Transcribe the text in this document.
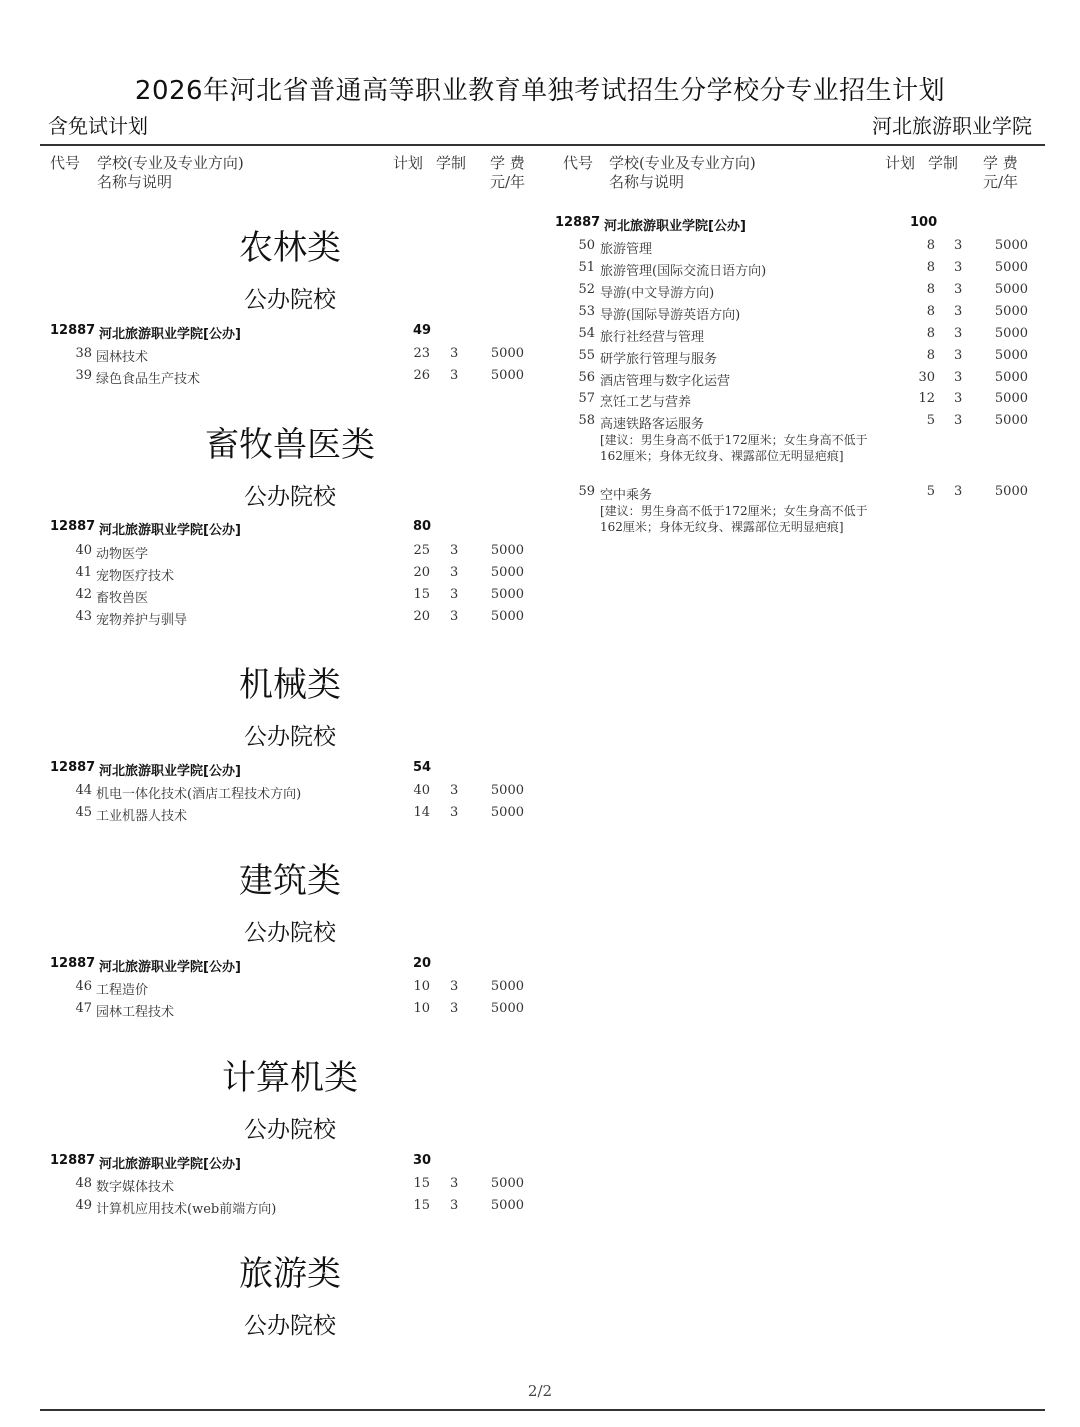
2026年河北省普通高等职业教育单独考试招生分学校分专业招生计划
含免试计划	河北旅游职业学院
代号 学校(专业及专业方向)
名称与说明
计划 学制 学 费
元/年
代号 学校(专业及专业方向)
名称与说明
计划 学制 学 费
元/年
农林类
公办院校
12887 河北旅游职业学院[公办]	49
38 园林技术	23 3	5000
39 绿色食品生产技术	26 3	5000
畜牧兽医类
公办院校
12887 河北旅游职业学院[公办]	80
40 动物医学	25 3	5000
41 宠物医疗技术	20 3	5000
42 畜牧兽医	15 3	5000
43 宠物养护与驯导	20 3	5000
机械类
公办院校
12887 河北旅游职业学院[公办]	54
44 机电一体化技术(酒店工程技术方向)	40 3	5000
45 工业机器人技术	14 3	5000
建筑类
公办院校
12887 河北旅游职业学院[公办]	20
46 工程造价	10 3	5000
47 园林工程技术	10 3	5000
计算机类
公办院校
12887 河北旅游职业学院[公办]	30
48 数字媒体技术	15 3	5000
49 计算机应用技术(web前端方向)	15 3	5000
旅游类
公办院校
12887 河北旅游职业学院[公办]	100
50 旅游管理	8 3	5000
51 旅游管理(国际交流日语方向)	8 3	5000
52 导游(中文导游方向)	8 3	5000
53 导游(国际导游英语方向)	8 3	5000
54 旅行社经营与管理	8 3	5000
55 研学旅行管理与服务	8 3	5000
56 酒店管理与数字化运营	30 3	5000
57 烹饪工艺与营养	12 3	5000
58 高速铁路客运服务	5 3	5000
[建议：男生身高不低于172厘米；女生身高不低于162厘米；身体无纹身、裸露部位无明显疤痕]
59 空中乘务	5 3	5000
[建议：男生身高不低于172厘米；女生身高不低于162厘米；身体无纹身、裸露部位无明显疤痕]
2/2
